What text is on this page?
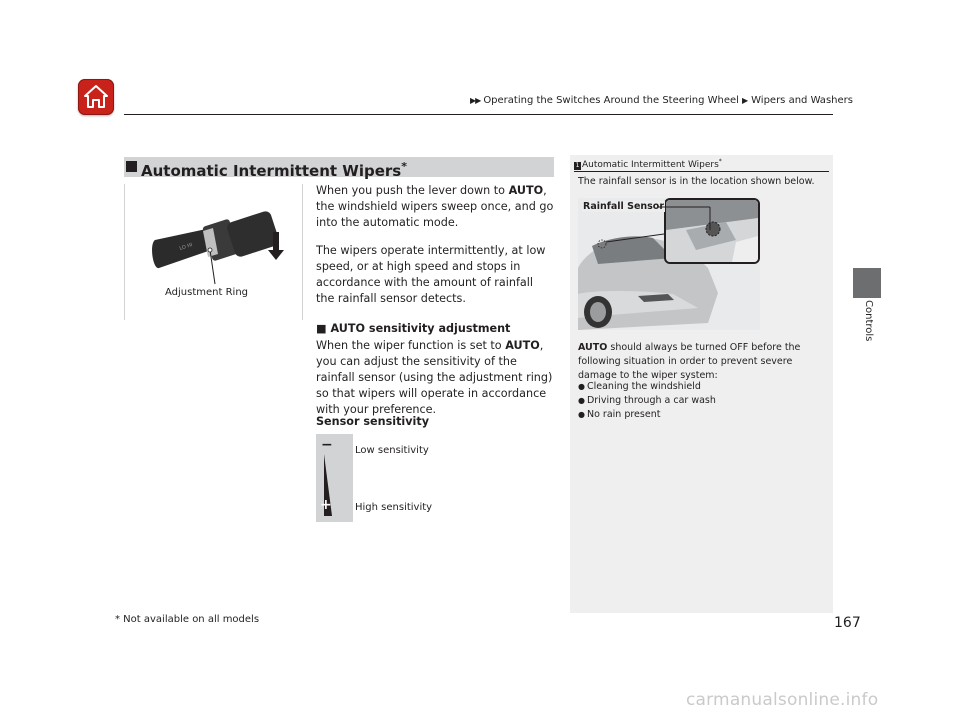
▶▶ Operating the Switches Around the Steering Wheel ▶ Wipers and Washers
Controls
Automatic Intermittent Wipers*
LO HI
Adjustment Ring
When you push the lever down to AUTO, the windshield wipers sweep once, and go into the automatic mode.
The wipers operate intermittently, at low speed, or at high speed and stops in accordance with the amount of rainfall the rainfall sensor detects.
■ AUTO sensitivity adjustment
When the wiper function is set to AUTO, you can adjust the sensitivity of the rainfall sensor (using the adjustment ring) so that wipers will operate in accordance with your preference.
Sensor sensitivity
−
+
Low sensitivity
High sensitivity
1 Automatic Intermittent Wipers*
The rainfall sensor is in the location shown below.
AUTO should always be turned OFF before the following situation in order to prevent severe damage to the wiper system:
● Cleaning the windshield
● Driving through a car wash
● No rain present
Rainfall Sensor
* Not available on all models	167
carmanualsonline.info
